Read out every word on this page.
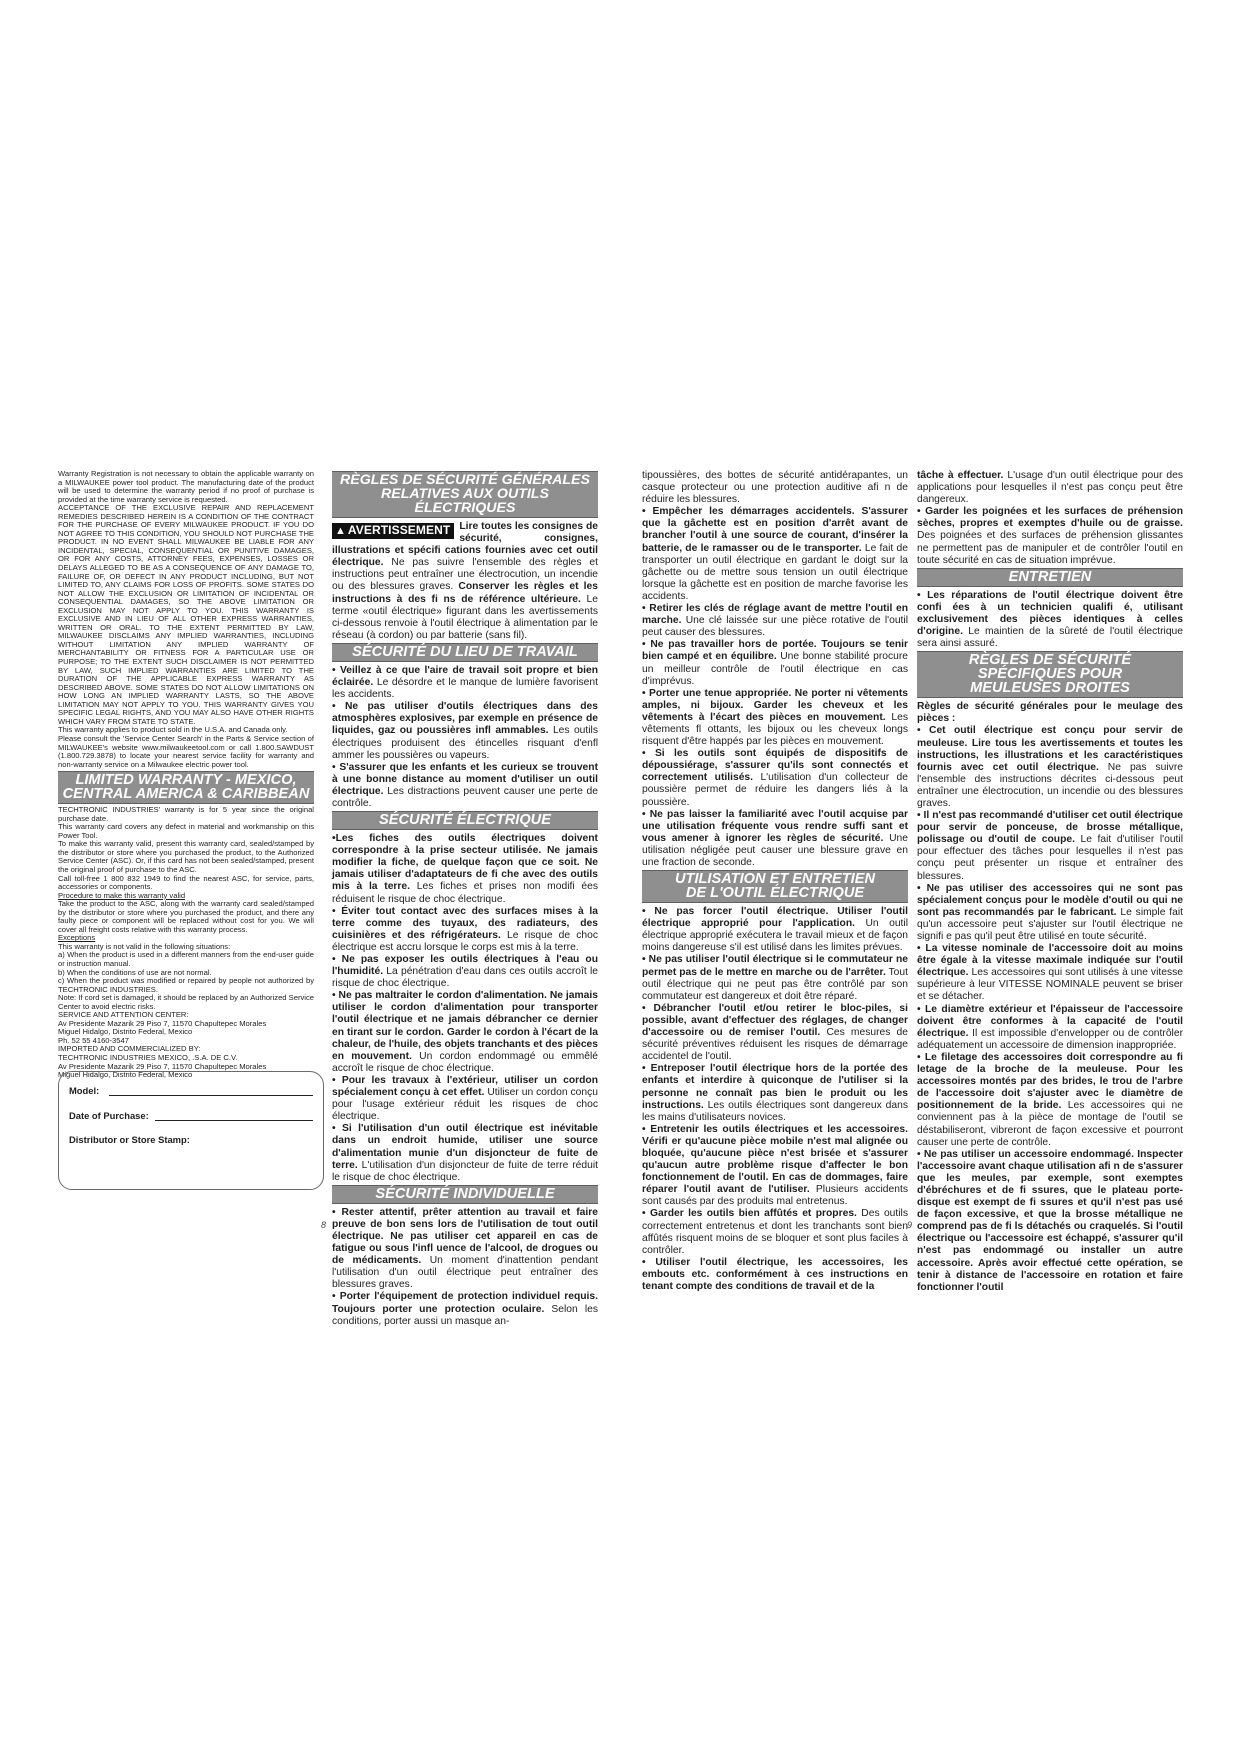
Warranty Registration is not necessary to obtain the applicable warranty on a MILWAUKEE power tool product. The manufacturing date of the product will be used to determine the warranty period if no proof of purchase is provided at the time warranty service is requested.

ACCEPTANCE OF THE EXCLUSIVE REPAIR AND REPLACEMENT REMEDIES DESCRIBED HEREIN IS A CONDITION OF THE CONTRACT FOR THE PURCHASE OF EVERY MILWAUKEE PRODUCT. IF YOU DO NOT AGREE TO THIS CONDITION, YOU SHOULD NOT PURCHASE THE PRODUCT. IN NO EVENT SHALL MILWAUKEE BE LIABLE FOR ANY INCIDENTAL, SPECIAL, CONSEQUENTIAL OR PUNITIVE DAMAGES, OR FOR ANY COSTS, ATTORNEY FEES, EXPENSES, LOSSES OR DELAYS ALLEGED TO BE AS A CONSEQUENCE OF ANY DAMAGE TO, FAILURE OF, OR DEFECT IN ANY PRODUCT INCLUDING, BUT NOT LIMITED TO, ANY CLAIMS FOR LOSS OF PROFITS. SOME STATES DO NOT ALLOW THE EXCLUSION OR LIMITATION OF INCIDENTAL OR CONSEQUENTIAL DAMAGES, SO THE ABOVE LIMITATION OR EXCLUSION MAY NOT APPLY TO YOU. THIS WARRANTY IS EXCLUSIVE AND IN LIEU OF ALL OTHER EXPRESS WARRANTIES, WRITTEN OR ORAL. TO THE EXTENT PERMITTED BY LAW, MILWAUKEE DISCLAIMS ANY IMPLIED WARRANTIES, INCLUDING WITHOUT LIMITATION ANY IMPLIED WARRANTY OF MERCHANTABILITY OR FITNESS FOR A PARTICULAR USE OR PURPOSE; TO THE EXTENT SUCH DISCLAIMER IS NOT PERMITTED BY LAW, SUCH IMPLIED WARRANTIES ARE LIMITED TO THE DURATION OF THE APPLICABLE EXPRESS WARRANTY AS DESCRIBED ABOVE. SOME STATES DO NOT ALLOW LIMITATIONS ON HOW LONG AN IMPLIED WARRANTY LASTS, SO THE ABOVE LIMITATION MAY NOT APPLY TO YOU. THIS WARRANTY GIVES YOU SPECIFIC LEGAL RIGHTS, AND YOU MAY ALSO HAVE OTHER RIGHTS WHICH VARY FROM STATE TO STATE.

This warranty applies to product sold in the U.S.A. and Canada only.

Please consult the 'Service Center Search' in the Parts & Service section of MILWAUKEE's website www.milwaukeetool.com or call 1.800.SAWDUST (1.800.729.3878) to locate your nearest service facility for warranty and non-warranty service on a Milwaukee electric power tool.

LIMITED WARRANTY - MEXICO,
CENTRAL AMERICA & CARIBBEAN

TECHTRONIC INDUSTRIES' warranty is for 5 year since the original purchase date.

This warranty card covers any defect in material and workmanship on this Power Tool.

To make this warranty valid, present this warranty card, sealed/stamped by the distributor or store where you purchased the product, to the Authorized Service Center (ASC). Or, if this card has not been sealed/stamped, present the original proof of purchase to the ASC.

Call toll-free 1 800 832 1949 to find the nearest ASC, for service, parts, accessories or components.

Procedure to make this warranty valid

Take the product to the ASC, along with the warranty card sealed/stamped by the distributor or store where you purchased the product, and there any faulty piece or component will be replaced without cost for you. We will cover all freight costs relative with this warranty process.

Exceptions

This warranty is not valid in the following situations:

a) When the product is used in a different manners from the end-user guide or instruction manual.

b) When the conditions of use are not normal.

c) When the product was modified or repaired by people not authorized by TECHTRONIC INDUSTRIES.

Note: If cord set is damaged, it should be replaced by an Authorized Service Center to avoid electric risks.

SERVICE AND ATTENTION CENTER:

Av Presidente Mazarik 29 Piso 7, 11570 Chapultepec Morales

Miguel Hidalgo, Distrito Federal, Mexico

Ph. 52 55 4160-3547

IMPORTED AND COMMERCIALIZED BY:

TECHTRONIC INDUSTRIES MEXICO, .S.A. DE C.V.

Av Presidente Mazarik 29 Piso 7, 11570 Chapultepec Morales

Miguel Hidalgo, Distrito Federal, Mexico

Model:
Date of Purchase:
Distributor or Store Stamp:
RÈGLES DE SÉCURITÉ GÉNÉRALES
RELATIVES AUX OUTILS ÉLECTRIQUES
▲ AVERTISSEMENT Lire toutes les consignes de sécurité, consignes, illustrations et spécifi cations fournies avec cet outil électrique. Ne pas suivre l'ensemble des règles et instructions peut entraîner une électrocution, un incendie ou des blessures graves. Conserver les règles et les instructions à des fi ns de référence ultérieure. Le terme «outil électrique» figurant dans les avertissements ci-dessous renvoie à l'outil électrique à alimentation par le réseau (à cordon) ou par batterie (sans fil).
SÉCURITÉ DU LIEU DE TRAVAIL

• Veillez à ce que l'aire de travail soit propre et bien éclairée. Le désordre et le manque de lumière favorisent les accidents.

• Ne pas utiliser d'outils électriques dans des atmosphères explosives, par exemple en présence de liquides, gaz ou poussières infl ammables. Les outils électriques produisent des étincelles risquant d'enfl ammer les poussières ou vapeurs.

• S'assurer que les enfants et les curieux se trouvent à une bonne distance au moment d'utiliser un outil électrique. Les distractions peuvent causer une perte de contrôle.

SÉCURITÉ ÉLECTRIQUE

•Les fiches des outils électriques doivent correspondre à la prise secteur utilisée. Ne jamais modifier la fiche, de quelque façon que ce soit. Ne jamais utiliser d'adaptateurs de fi che avec des outils mis à la terre. Les fiches et prises non modifi ées réduisent le risque de choc électrique.

• Éviter tout contact avec des surfaces mises à la terre comme des tuyaux, des radiateurs, des cuisinières et des réfrigérateurs. Le risque de choc électrique est accru lorsque le corps est mis à la terre.

• Ne pas exposer les outils électriques à l'eau ou l'humidité. La pénétration d'eau dans ces outils accroît le risque de choc électrique.

• Ne pas maltraiter le cordon d'alimentation. Ne jamais utiliser le cordon d'alimentation pour transporter l'outil électrique et ne jamais débrancher ce dernier en tirant sur le cordon. Garder le cordon à l'écart de la chaleur, de l'huile, des objets tranchants et des pièces en mouvement. Un cordon endommagé ou emmêlé accroît le risque de choc électrique.

• Pour les travaux à l'extérieur, utiliser un cordon spécialement conçu à cet effet. Utiliser un cordon conçu pour l'usage extérieur réduit les risques de choc électrique.

• Si l'utilisation d'un outil électrique est inévitable dans un endroit humide, utiliser une source d'alimentation munie d'un disjoncteur de fuite de terre. L'utilisation d'un disjoncteur de fuite de terre réduit le risque de choc électrique.

SÉCURITÉ INDIVIDUELLE

• Rester attentif, prêter attention au travail et faire preuve de bon sens lors de l'utilisation de tout outil électrique. Ne pas utiliser cet appareil en cas de fatigue ou sous l'infl uence de l'alcool, de drogues ou de médicaments. Un moment d'inattention pendant l'utilisation d'un outil électrique peut entraîner des blessures graves.

• Porter l'équipement de protection individuel requis. Toujours porter une protection oculaire. Selon les conditions, porter aussi un masque an-

8

tipoussières, des bottes de sécurité antidérapantes, un casque protecteur ou une protection auditive afi n de réduire les blessures.

• Empêcher les démarrages accidentels. S'assurer que la gâchette est en position d'arrêt avant de brancher l'outil à une source de courant, d'insérer la batterie, de le ramasser ou de le transporter. Le fait de transporter un outil électrique en gardant le doigt sur la gâchette ou de mettre sous tension un outil électrique lorsque la gâchette est en position de marche favorise les accidents.

• Retirer les clés de réglage avant de mettre l'outil en marche. Une clé laissée sur une pièce rotative de l'outil peut causer des blessures.

• Ne pas travailler hors de portée. Toujours se tenir bien campé et en équilibre. Une bonne stabilité procure un meilleur contrôle de l'outil électrique en cas d'imprévus.

• Porter une tenue appropriée. Ne porter ni vêtements amples, ni bijoux. Garder les cheveux et les vêtements à l'écart des pièces en mouvement. Les vêtements fl ottants, les bijoux ou les cheveux longs risquent d'être happés par les pièces en mouvement.

• Si les outils sont équipés de dispositifs de dépoussiérage, s'assurer qu'ils sont connectés et correctement utilisés. L'utilisation d'un collecteur de poussière permet de réduire les dangers liés à la poussière.

• Ne pas laisser la familiarité avec l'outil acquise par une utilisation fréquente vous rendre suffi sant et vous amener à ignorer les règles de sécurité. Une utilisation négligée peut causer une blessure grave en une fraction de seconde.

UTILISATION ET ENTRETIEN
DE L'OUTIL ÉLECTRIQUE

• Ne pas forcer l'outil électrique. Utiliser l'outil électrique approprié pour l'application. Un outil électrique approprié exécutera le travail mieux et de façon moins dangereuse s'il est utilisé dans les limites prévues.

• Ne pas utiliser l'outil électrique si le commutateur ne permet pas de le mettre en marche ou de l'arrêter. Tout outil électrique qui ne peut pas être contrôlé par son commutateur est dangereux et doit être réparé.

• Débrancher l'outil et/ou retirer le bloc-piles, si possible, avant d'effectuer des réglages, de changer d'accessoire ou de remiser l'outil. Ces mesures de sécurité préventives réduisent les risques de démarrage accidentel de l'outil.

• Entreposer l'outil électrique hors de la portée des enfants et interdire à quiconque de l'utiliser si la personne ne connaît pas bien le produit ou les instructions. Les outils électriques sont dangereux dans les mains d'utilisateurs novices.

• Entretenir les outils électriques et les accessoires. Vérifi er qu'aucune pièce mobile n'est mal alignée ou bloquée, qu'aucune pièce n'est brisée et s'assurer qu'aucun autre problème risque d'affecter le bon fonctionnement de l'outil. En cas de dommages, faire réparer l'outil avant de l'utiliser. Plusieurs accidents sont causés par des produits mal entretenus.

• Garder les outils bien affûtés et propres. Des outils correctement entretenus et dont les tranchants sont bien affûtés risquent moins de se bloquer et sont plus faciles à contrôler.

• Utiliser l'outil électrique, les accessoires, les embouts etc. conformément à ces instructions en tenant compte des conditions de travail et de la

tâche à effectuer. L'usage d'un outil électrique pour des applications pour lesquelles il n'est pas conçu peut être dangereux.

• Garder les poignées et les surfaces de préhension sèches, propres et exemptes d'huile ou de graisse. Des poignées et des surfaces de préhension glissantes ne permettent pas de manipuler et de contrôler l'outil en toute sécurité en cas de situation imprévue.

ENTRETIEN

• Les réparations de l'outil électrique doivent être confi ées à un technicien qualifi é, utilisant exclusivement des pièces identiques à celles d'origine. Le maintien de la sûreté de l'outil électrique sera ainsi assuré.

RÈGLES DE SÉCURITÉ
SPÉCIFIQUES POUR
MEULEUSES DROITES

Règles de sécurité générales pour le meulage des pièces :

• Cet outil électrique est conçu pour servir de meuleuse. Lire tous les avertissements et toutes les instructions, les illustrations et les caractéristiques fournis avec cet outil électrique. Ne pas suivre l'ensemble des instructions décrites ci-dessous peut entraîner une électrocution, un incendie ou des blessures graves.

• Il n'est pas recommandé d'utiliser cet outil électrique pour servir de ponceuse, de brosse métallique, polissage ou d'outil de coupe. Le fait d'utiliser l'outil pour effectuer des tâches pour lesquelles il n'est pas conçu peut présenter un risque et entraîner des blessures.

• Ne pas utiliser des accessoires qui ne sont pas spécialement conçus pour le modèle d'outil ou qui ne sont pas recommandés par le fabricant. Le simple fait qu'un accessoire peut s'ajuster sur l'outil électrique ne signifi e pas qu'il peut être utilisé en toute sécurité.

• La vitesse nominale de l'accessoire doit au moins être égale à la vitesse maximale indiquée sur l'outil électrique. Les accessoires qui sont utilisés à une vitesse supérieure à leur VITESSE NOMINALE peuvent se briser et se détacher.

• Le diamètre extérieur et l'épaisseur de l'accessoire doivent être conformes à la capacité de l'outil électrique. Il est impossible d'envelopper ou de contrôler adéquatement un accessoire de dimension inappropriée.

• Le filetage des accessoires doit correspondre au fi letage de la broche de la meuleuse. Pour les accessoires montés par des brides, le trou de l'arbre de l'accessoire doit s'ajuster avec le diamètre de positionnement de la bride. Les accessoires qui ne conviennent pas à la pièce de montage de l'outil se déstabiliseront, vibreront de façon excessive et pourront causer une perte de contrôle.

• Ne pas utiliser un accessoire endommagé. Inspecter l'accessoire avant chaque utilisation afi n de s'assurer que les meules, par exemple, sont exemptes d'ébréchures et de fi ssures, que le plateau porte-disque est exempt de fi ssures et qu'il n'est pas usé de façon excessive, et que la brosse métallique ne comprend pas de fi ls détachés ou craquelés. Si l'outil électrique ou l'accessoire est échappé, s'assurer qu'il n'est pas endommagé ou installer un autre accessoire. Après avoir effectué cette opération, se tenir à distance de l'accessoire en rotation et faire fonctionner l'outil

9
